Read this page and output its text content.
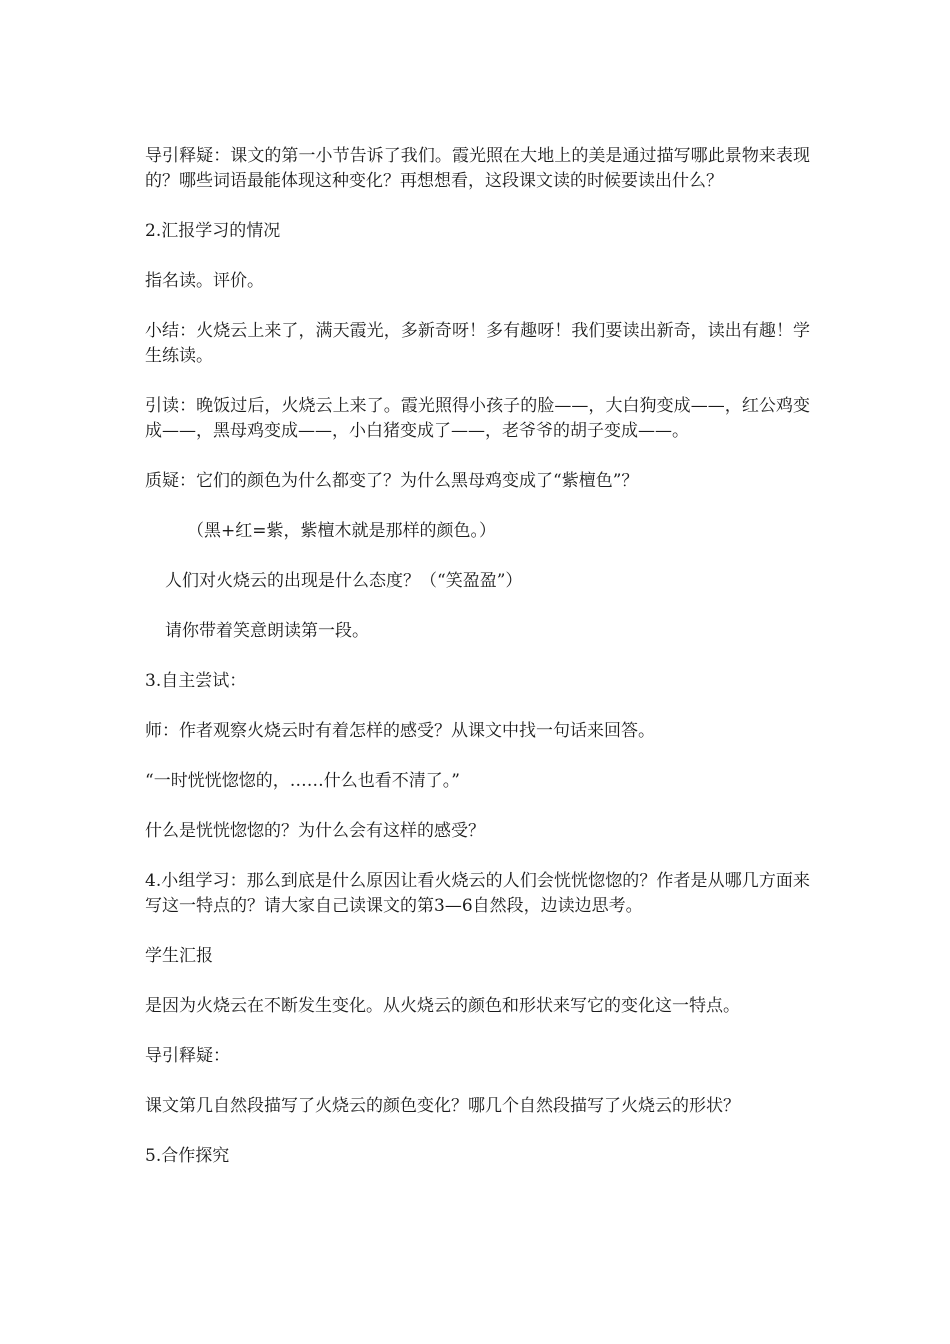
导引释疑：课文的第一小节告诉了我们。霞光照在大地上的美是通过描写哪此景物来表现的？哪些词语最能体现这种变化？再想想看，这段课文读的时候要读出什么？

2.汇报学习的情况

指名读。评价。

小结：火烧云上来了，满天霞光，多新奇呀！多有趣呀！我们要读出新奇，读出有趣！学生练读。

引读：晚饭过后，火烧云上来了。霞光照得小孩子的脸——，大白狗变成——，红公鸡变成——，黑母鸡变成——，小白猪变成了——，老爷爷的胡子变成——。

质疑：它们的颜色为什么都变了？为什么黑母鸡变成了“紫檀色”？

（黑+红=紫，紫檀木就是那样的颜色。）

人们对火烧云的出现是什么态度？（“笑盈盈”）

请你带着笑意朗读第一段。

3.自主尝试：

师：作者观察火烧云时有着怎样的感受？从课文中找一句话来回答。

“一时恍恍惚惚的，……什么也看不清了。”

什么是恍恍惚惚的？为什么会有这样的感受？

4.小组学习：那么到底是什么原因让看火烧云的人们会恍恍惚惚的？作者是从哪几方面来写这一特点的？请大家自己读课文的第3—6自然段，边读边思考。

学生汇报

是因为火烧云在不断发生变化。从火烧云的颜色和形状来写它的变化这一特点。

导引释疑：

课文第几自然段描写了火烧云的颜色变化？哪几个自然段描写了火烧云的形状？

5.合作探究
